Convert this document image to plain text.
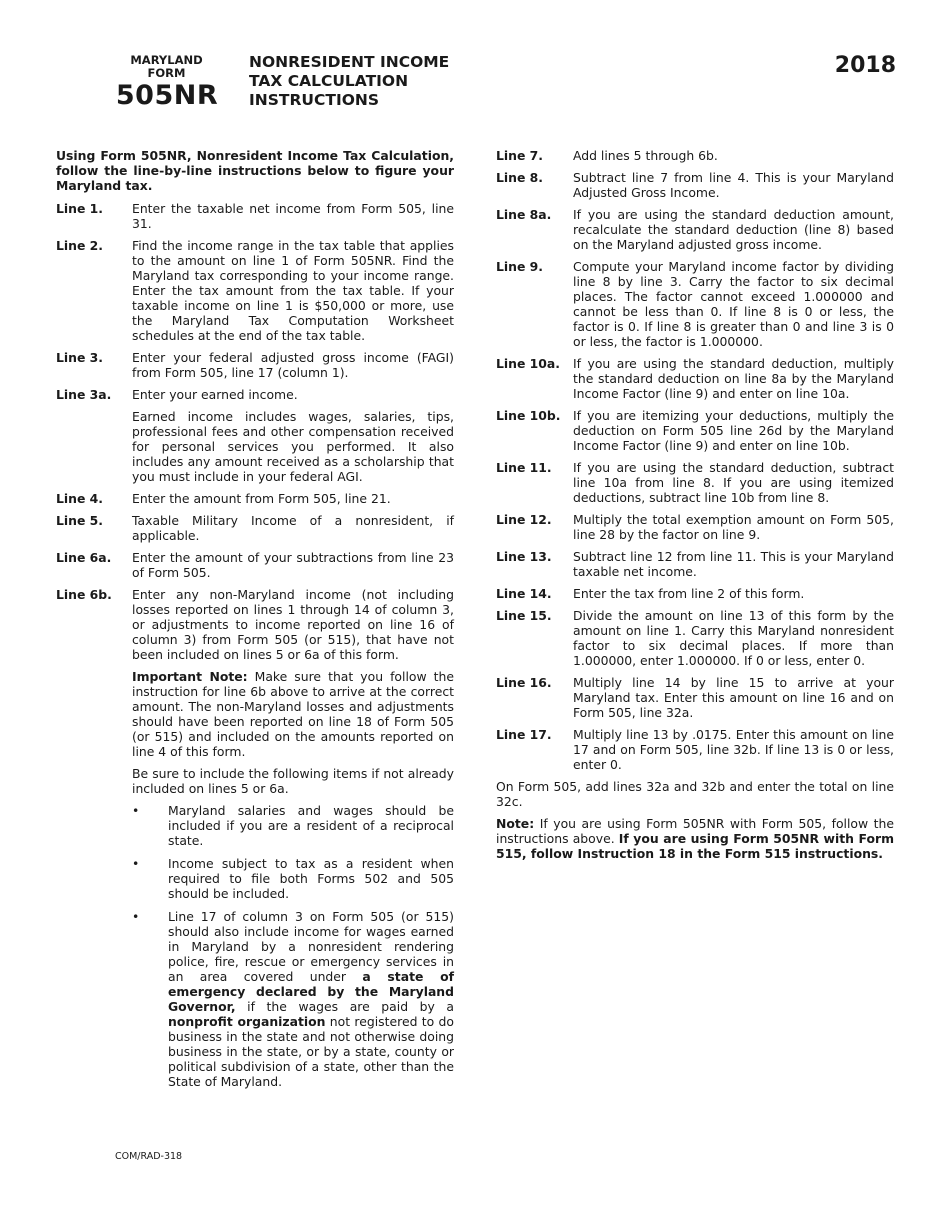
MARYLAND
FORM
505NR
NONRESIDENT INCOME
TAX CALCULATION
INSTRUCTIONS
2018
Using Form 505NR, Nonresident Income Tax Calculation, follow the line-by-line instructions below to figure your Maryland tax.
Line 1. Enter the taxable net income from Form 505, line 31.
Line 2. Find the income range in the tax table that applies to the amount on line 1 of Form 505NR. Find the Maryland tax corresponding to your income range. Enter the tax amount from the tax table. If your taxable income on line 1 is $50,000 or more, use the Maryland Tax Computation Worksheet schedules at the end of the tax table.
Line 3. Enter your federal adjusted gross income (FAGI) from Form 505, line 17 (column 1).
Line 3a. Enter your earned income.
Earned income includes wages, salaries, tips, professional fees and other compensation received for personal services you performed. It also includes any amount received as a scholarship that you must include in your federal AGI.
Line 4. Enter the amount from Form 505, line 21.
Line 5. Taxable Military Income of a nonresident, if applicable.
Line 6a. Enter the amount of your subtractions from line 23 of Form 505.
Line 6b. Enter any non-Maryland income (not including losses reported on lines 1 through 14 of column 3, or adjustments to income reported on line 16 of column 3) from Form 505 (or 515), that have not been included on lines 5 or 6a of this form.
Important Note: Make sure that you follow the instruction for line 6b above to arrive at the correct amount. The non-Maryland losses and adjustments should have been reported on line 18 of Form 505 (or 515) and included on the amounts reported on line 4 of this form.
Be sure to include the following items if not already included on lines 5 or 6a.
• Maryland salaries and wages should be included if you are a resident of a reciprocal state.
• Income subject to tax as a resident when required to file both Forms 502 and 505 should be included.
• Line 17 of column 3 on Form 505 (or 515) should also include income for wages earned in Maryland by a nonresident rendering police, fire, rescue or emergency services in an area covered under a state of emergency declared by the Maryland Governor, if the wages are paid by a nonprofit organization not registered to do business in the state and not otherwise doing business in the state, or by a state, county or political subdivision of a state, other than the State of Maryland.
Line 7. Add lines 5 through 6b.
Line 8. Subtract line 7 from line 4. This is your Maryland Adjusted Gross Income.
Line 8a. If you are using the standard deduction amount, recalculate the standard deduction (line 8) based on the Maryland adjusted gross income.
Line 9. Compute your Maryland income factor by dividing line 8 by line 3. Carry the factor to six decimal places. The factor cannot exceed 1.000000 and cannot be less than 0. If line 8 is 0 or less, the factor is 0. If line 8 is greater than 0 and line 3 is 0 or less, the factor is 1.000000.
Line 10a. If you are using the standard deduction, multiply the standard deduction on line 8a by the Maryland Income Factor (line 9) and enter on line 10a.
Line 10b. If you are itemizing your deductions, multiply the deduction on Form 505 line 26d by the Maryland Income Factor (line 9) and enter on line 10b.
Line 11. If you are using the standard deduction, subtract line 10a from line 8. If you are using itemized deductions, subtract line 10b from line 8.
Line 12. Multiply the total exemption amount on Form 505, line 28 by the factor on line 9.
Line 13. Subtract line 12 from line 11. This is your Maryland taxable net income.
Line 14. Enter the tax from line 2 of this form.
Line 15. Divide the amount on line 13 of this form by the amount on line 1. Carry this Maryland nonresident factor to six decimal places. If more than 1.000000, enter 1.000000. If 0 or less, enter 0.
Line 16. Multiply line 14 by line 15 to arrive at your Maryland tax. Enter this amount on line 16 and on Form 505, line 32a.
Line 17. Multiply line 13 by .0175. Enter this amount on line 17 and on Form 505, line 32b. If line 13 is 0 or less, enter 0.
On Form 505, add lines 32a and 32b and enter the total on line 32c.
Note: If you are using Form 505NR with Form 505, follow the instructions above. If you are using Form 505NR with Form 515, follow Instruction 18 in the Form 515 instructions.
COM/RAD-318
